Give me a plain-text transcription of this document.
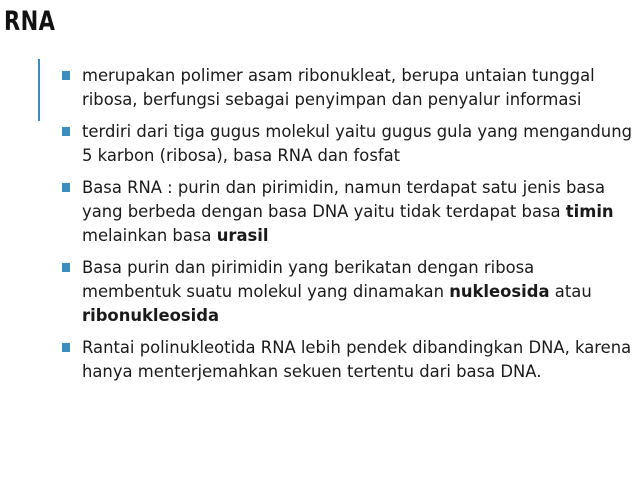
RNA
merupakan polimer asam ribonukleat, berupa untaian tunggal ribosa, berfungsi sebagai penyimpan dan penyalur informasi
terdiri dari tiga gugus molekul yaitu gugus gula yang mengandung 5 karbon (ribosa), basa RNA dan fosfat
Basa RNA : purin dan pirimidin, namun terdapat satu jenis basa yang berbeda dengan basa DNA yaitu tidak terdapat basa timin melainkan basa urasil
Basa purin dan pirimidin yang berikatan dengan ribosa membentuk suatu molekul yang dinamakan nukleosida atau ribonukleosida
Rantai polinukleotida RNA lebih pendek dibandingkan DNA, karena hanya menterjemahkan sekuen tertentu dari basa DNA.
